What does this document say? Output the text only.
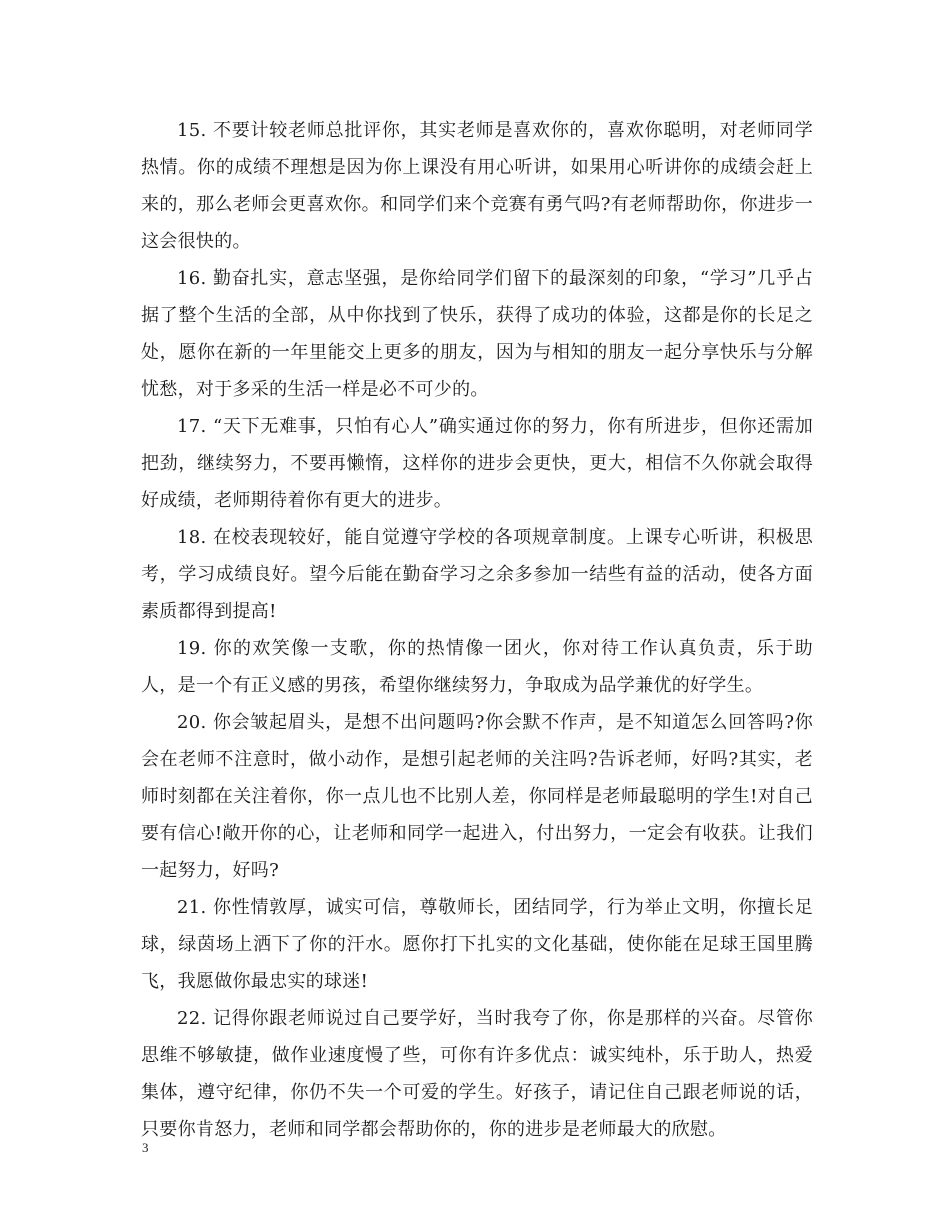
15. 不要计较老师总批评你，其实老师是喜欢你的，喜欢你聪明，对老师同学热情。你的成绩不理想是因为你上课没有用心听讲，如果用心听讲你的成绩会赶上来的，那么老师会更喜欢你。和同学们来个竞赛有勇气吗?有老师帮助你，你进步一这会很快的。

16. 勤奋扎实，意志坚强，是你给同学们留下的最深刻的印象，“学习”几乎占据了整个生活的全部，从中你找到了快乐，获得了成功的体验，这都是你的长足之处，愿你在新的一年里能交上更多的朋友，因为与相知的朋友一起分享快乐与分解忧愁，对于多采的生活一样是必不可少的。

17. “天下无难事，只怕有心人”确实通过你的努力，你有所进步，但你还需加把劲，继续努力，不要再懒惰，这样你的进步会更快，更大，相信不久你就会取得好成绩，老师期待着你有更大的进步。

18. 在校表现较好，能自觉遵守学校的各项规章制度。上课专心听讲，积极思考，学习成绩良好。望今后能在勤奋学习之余多参加一结些有益的活动，使各方面素质都得到提高!

19. 你的欢笑像一支歌，你的热情像一团火，你对待工作认真负责，乐于助人，是一个有正义感的男孩，希望你继续努力，争取成为品学兼优的好学生。

20. 你会皱起眉头，是想不出问题吗?你会默不作声，是不知道怎么回答吗?你会在老师不注意时，做小动作，是想引起老师的关注吗?告诉老师，好吗?其实，老师时刻都在关注着你，你一点儿也不比别人差，你同样是老师最聪明的学生!对自己要有信心!敞开你的心，让老师和同学一起进入，付出努力，一定会有收获。让我们一起努力，好吗?

21. 你性情敦厚，诚实可信，尊敬师长，团结同学，行为举止文明，你擅长足球，绿茵场上洒下了你的汗水。愿你打下扎实的文化基础，使你能在足球王国里腾飞，我愿做你最忠实的球迷!

22. 记得你跟老师说过自己要学好，当时我夸了你，你是那样的兴奋。尽管你思维不够敏捷，做作业速度慢了些，可你有许多优点：诚实纯朴，乐于助人，热爱集体，遵守纪律，你仍不失一个可爱的学生。好孩子，请记住自己跟老师说的话，只要你肯怒力，老师和同学都会帮助你的，你的进步是老师最大的欣慰。

3
